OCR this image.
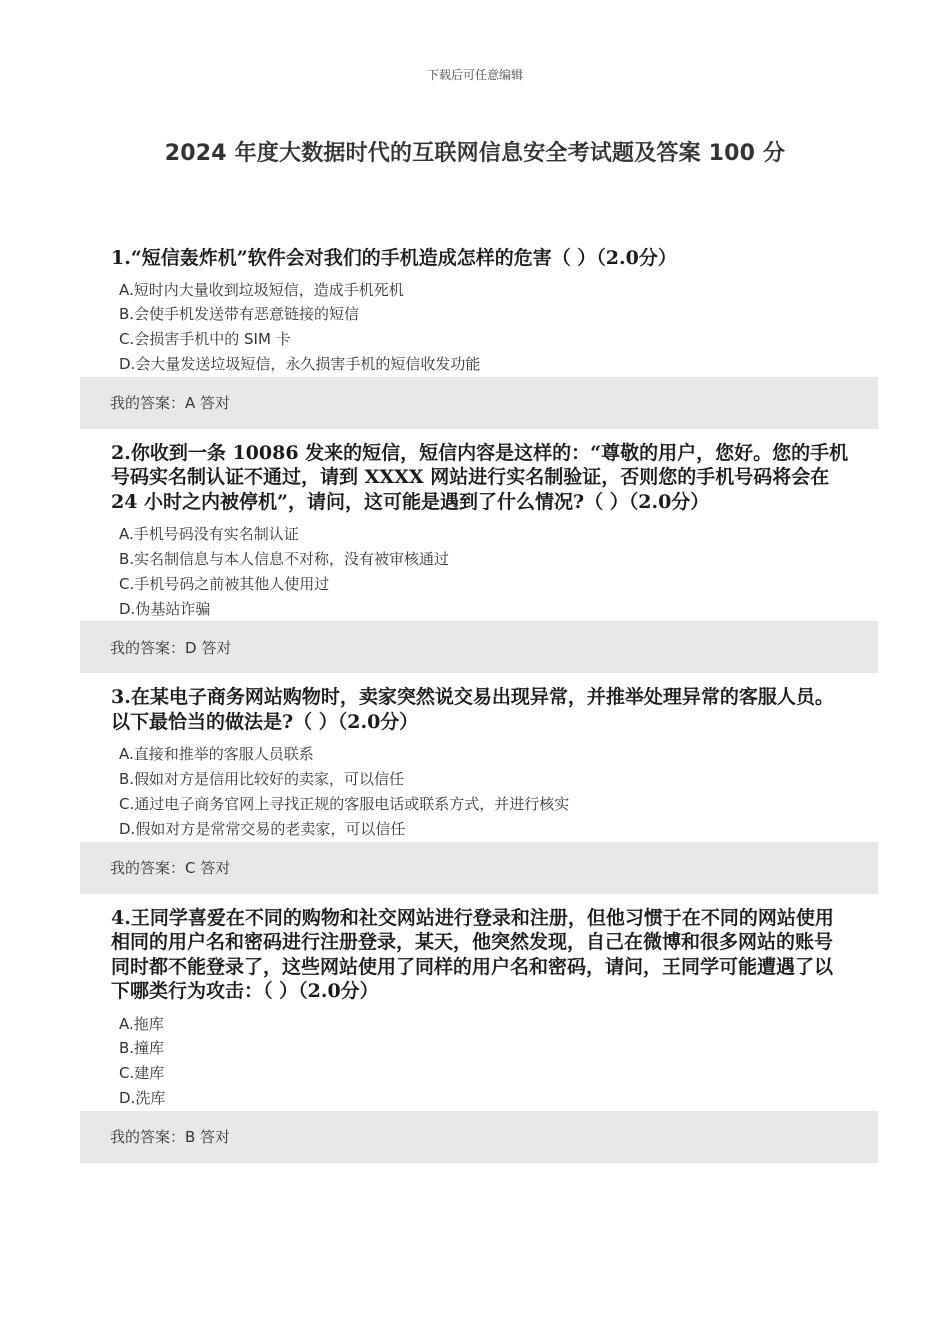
下载后可任意编辑
2024 年度大数据时代的互联网信息安全考试题及答案 100 分

1.“短信轰炸机”软件会对我们的手机造成怎样的危害（ ）（2.0分）

A.短时内大量收到垃圾短信，造成手机死机
B.会使手机发送带有恶意链接的短信
C.会损害手机中的 SIM 卡
D.会大量发送垃圾短信，永久损害手机的短信收发功能
我的答案：A 答对

2.你收到一条 10086 发来的短信，短信内容是这样的：“尊敬的用户，您好。您的手机号码实名制认证不通过，请到 XXXX 网站进行实名制验证，否则您的手机号码将会在 24 小时之内被停机”，请问，这可能是遇到了什么情况?（ ）（2.0分）

A.手机号码没有实名制认证
B.实名制信息与本人信息不对称，没有被审核通过
C.手机号码之前被其他人使用过
D.伪基站诈骗
我的答案：D 答对

3.在某电子商务网站购物时，卖家突然说交易出现异常，并推举处理异常的客服人员。以下最恰当的做法是?（ ）（2.0分）

A.直接和推举的客服人员联系
B.假如对方是信用比较好的卖家，可以信任
C.通过电子商务官网上寻找正规的客服电话或联系方式，并进行核实
D.假如对方是常常交易的老卖家，可以信任
我的答案：C 答对

4.王同学喜爱在不同的购物和社交网站进行登录和注册，但他习惯于在不同的网站使用相同的用户名和密码进行注册登录，某天，他突然发现，自己在微博和很多网站的账号同时都不能登录了，这些网站使用了同样的用户名和密码，请问，王同学可能遭遇了以下哪类行为攻击：（ ）（2.0分）

A.拖库
B.撞库
C.建库
D.洗库
我的答案：B 答对
